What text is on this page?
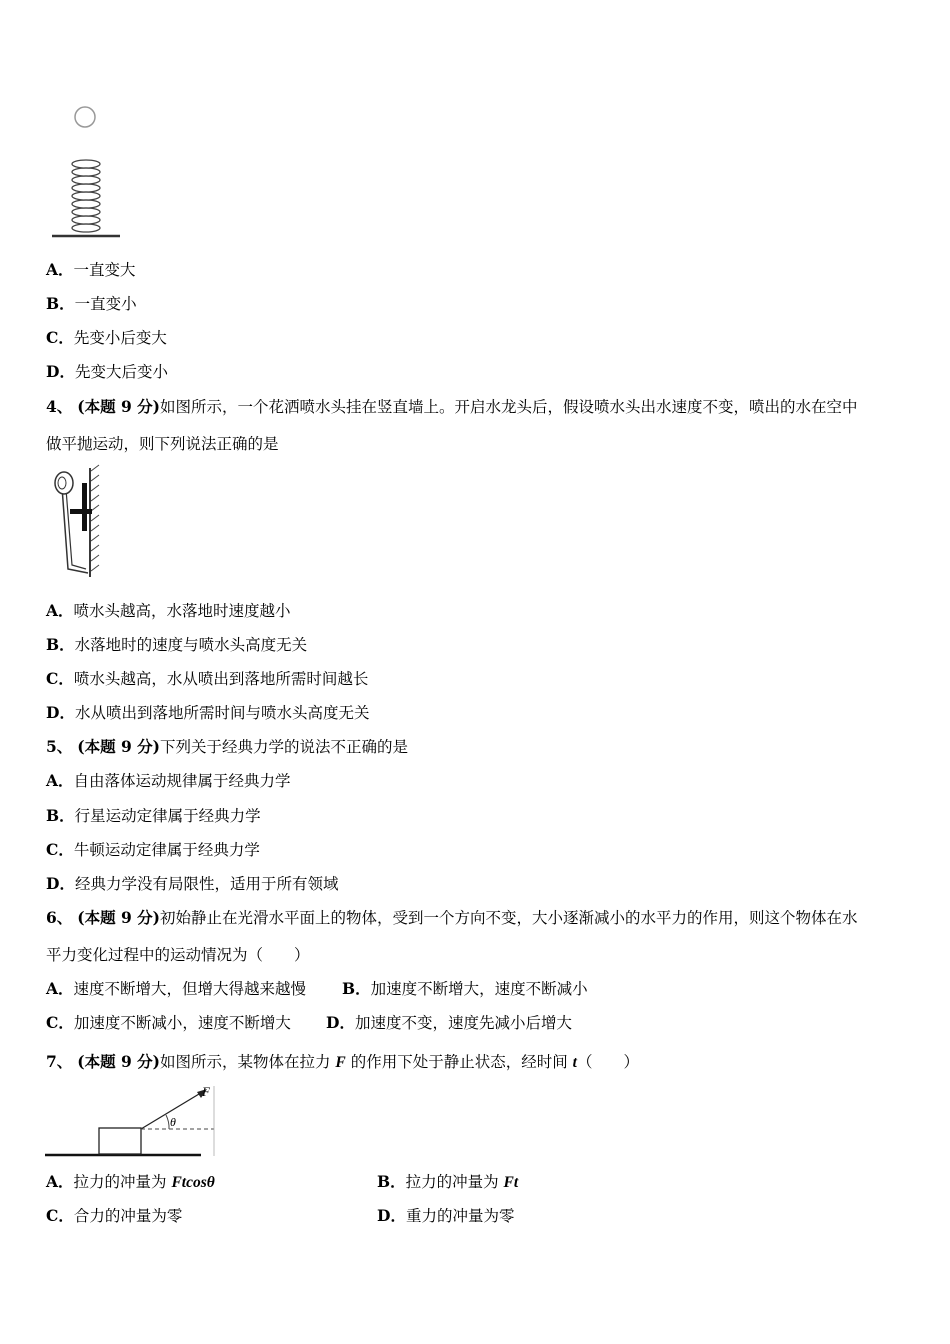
A．一直变大
B．一直变小
C．先变小后变大
D．先变大后变小
4、 (本题 9 分)如图所示，一个花洒喷水头挂在竖直墙上。开启水龙头后，假设喷水头出水速度不变，喷出的水在空中
做平抛运动，则下列说法正确的是
A．喷水头越高，水落地时速度越小
B．水落地时的速度与喷水头高度无关
C．喷水头越高，水从喷出到落地所需时间越长
D．水从喷出到落地所需时间与喷水头高度无关
5、 (本题 9 分)下列关于经典力学的说法不正确的是
A．自由落体运动规律属于经典力学
B．行星运动定律属于经典力学
C．牛顿运动定律属于经典力学
D．经典力学没有局限性，适用于所有领域
6、 (本题 9 分)初始静止在光滑水平面上的物体，受到一个方向不变，大小逐渐减小的水平力的作用，则这个物体在水
平力变化过程中的运动情况为（　　）
A．速度不断增大，但增大得越来越慢 B．加速度不断增大，速度不断减小
C．加速度不断减小，速度不断增大 D．加速度不变，速度先减小后增大
7、 (本题 9 分)如图所示，某物体在拉力 F 的作用下处于静止状态，经时间 t（　　）
F
θ
A．拉力的冲量为 Ftcosθ	B．拉力的冲量为 Ft
C．合力的冲量为零	D．重力的冲量为零
